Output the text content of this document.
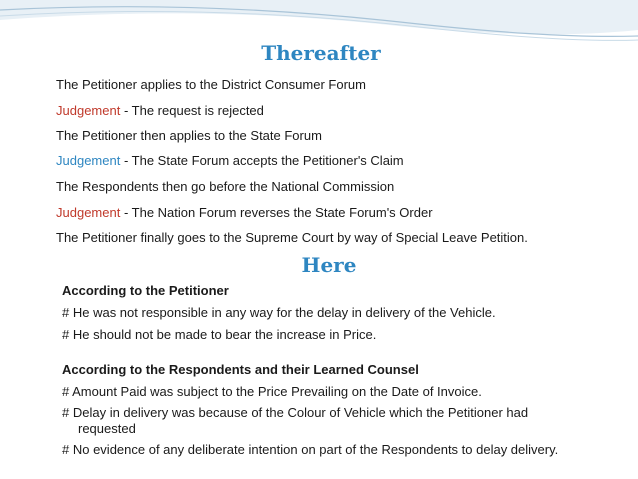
Thereafter
The Petitioner applies to the District Consumer Forum
Judgement - The request is rejected
The Petitioner then applies to the State Forum
Judgement - The State Forum accepts the Petitioner's Claim
The Respondents then go before the National Commission
Judgement - The Nation Forum reverses the State Forum's Order
The Petitioner finally goes to the Supreme Court by way of Special Leave Petition.
Here
According to the Petitioner
# He was not responsible in any way for the delay in delivery of the Vehicle.
# He should not be made to bear the increase in Price.
According to the Respondents and their Learned Counsel
# Amount Paid was subject to the Price Prevailing on the Date of Invoice.
# Delay in delivery was because of the Colour of Vehicle which the Petitioner had
requested
# No evidence of any deliberate intention on part of the Respondents to delay delivery.
